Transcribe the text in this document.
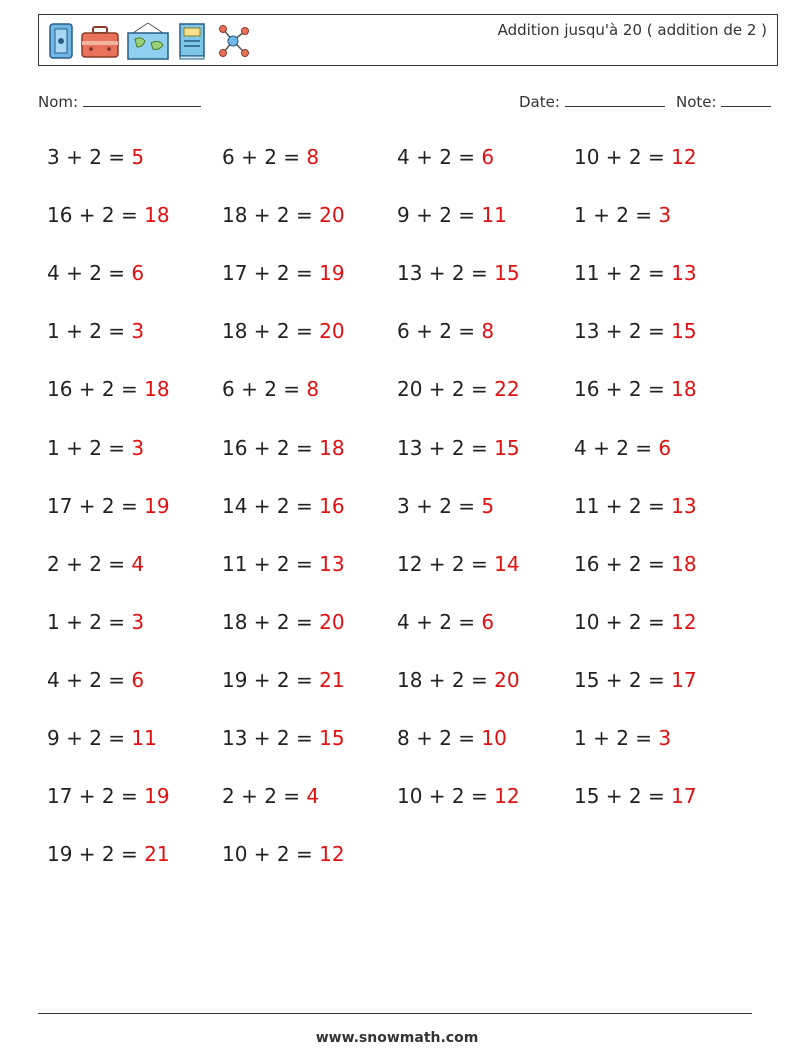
Addition jusqu'à 20 ( addition de 2 )
Nom:	Date:	Note:
3 + 2 = 5	6 + 2 = 8	4 + 2 = 6	10 + 2 = 12
16 + 2 = 18	18 + 2 = 20	9 + 2 = 11	1 + 2 = 3
4 + 2 = 6	17 + 2 = 19	13 + 2 = 15	11 + 2 = 13
1 + 2 = 3	18 + 2 = 20	6 + 2 = 8	13 + 2 = 15
16 + 2 = 18	6 + 2 = 8	20 + 2 = 22	16 + 2 = 18
1 + 2 = 3	16 + 2 = 18	13 + 2 = 15	4 + 2 = 6
17 + 2 = 19	14 + 2 = 16	3 + 2 = 5	11 + 2 = 13
2 + 2 = 4	11 + 2 = 13	12 + 2 = 14	16 + 2 = 18
1 + 2 = 3	18 + 2 = 20	4 + 2 = 6	10 + 2 = 12
4 + 2 = 6	19 + 2 = 21	18 + 2 = 20	15 + 2 = 17
9 + 2 = 11	13 + 2 = 15	8 + 2 = 10	1 + 2 = 3
17 + 2 = 19	2 + 2 = 4	10 + 2 = 12	15 + 2 = 17
19 + 2 = 21	10 + 2 = 12
www.snowmath.com
